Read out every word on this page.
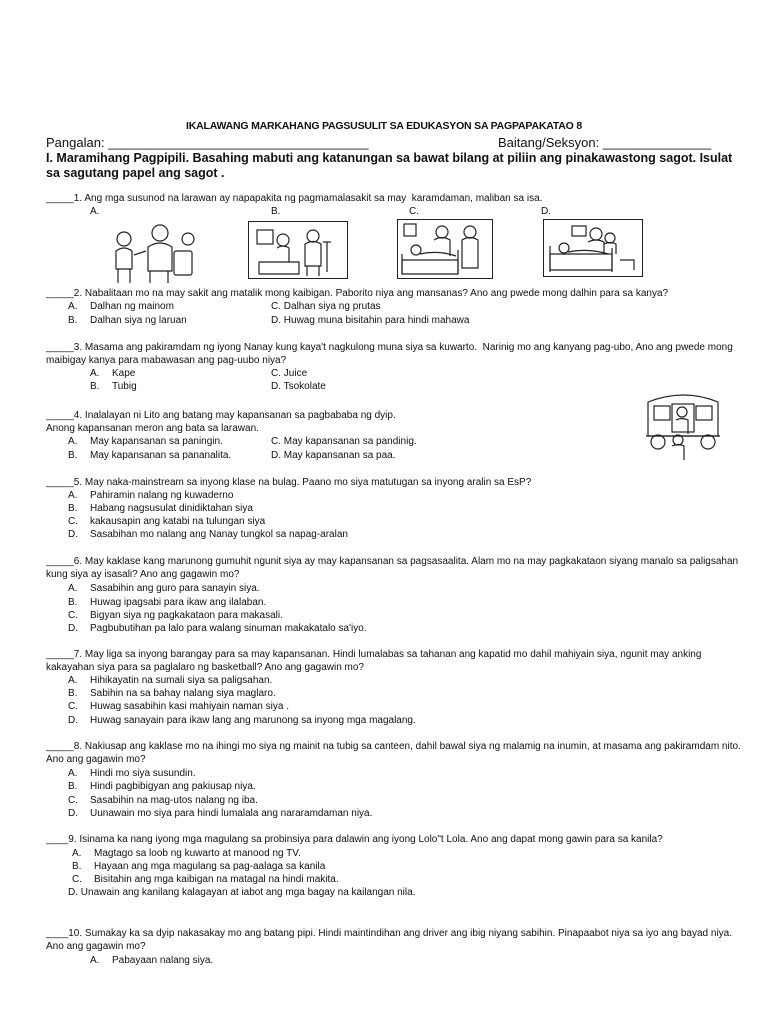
IKALAWANG MARKAHANG PAGSUSULIT SA EDUKASYON SA PAGPAPAKATAO 8
Pangalan: ____________________________________	Baitang/Seksyon: _______________
I. Maramihang Pagpipili. Basahing mabuti ang katanungan sa bawat bilang at piliin ang pinakawastong sagot. Isulat sa sagutang papel ang sagot .
_____1. Ang mga susunod na larawan ay napapakita ng pagmamalasakit sa may  karamdaman, maliban sa isa.
A.	B.	C.	D.
_____2. Nabalitaan mo na may sakit ang matalik mong kaibigan. Paborito niya ang mansanas? Ano ang pwede mong dalhin para sa kanya?
A. Dalhan ng mainom	C. Dalhan siya ng prutas
B. Dalhan siya ng laruan	D. Huwag muna bisitahin para hindi mahawa
_____3. Masama ang pakiramdam ng iyong Nanay kung kaya't nagkulong muna siya sa kuwarto.  Narinig mo ang kanyang pag-ubo, Ano ang pwede mong maibigay kanya para mabawasan ang pag-uubo niya?
A. Kape	C. Juice
B. Tubig	D. Tsokolate
_____4. Inalalayan ni Lito ang batang may kapansanan sa pagbababa ng dyip.
Anong kapansanan meron ang bata sa larawan.
A. May kapansanan sa paningin.	C. May kapansanan sa pandinig.
B. May kapansanan sa pananalita.	D. May kapansanan sa paa.
_____5. May naka-mainstream sa inyong klase na bulag. Paano mo siya matutugan sa inyong aralin sa EsP?
A. Pahiramin nalang ng kuwaderno
B. Habang nagsusulat dinidiktahan siya
C. kakausapin ang katabi na tulungan siya
D. Sasabihan mo nalang ang Nanay tungkol sa napag-aralan
_____6. May kaklase kang marunong gumuhit ngunit siya ay may kapansanan sa pagsasaalita. Alam mo na may pagkakataon siyang manalo sa paligsahan kung siya ay isasali? Ano ang gagawin mo?
A. Sasabihin ang guro para sanayin siya.
B. Huwag ipagsabi para ikaw ang ilalaban.
C. Bigyan siya ng pagkakataon para makasali.
D. Pagbubutihan pa lalo para walang sinuman makakatalo sa'iyo.
_____7. May liga sa inyong barangay para sa may kapansanan. Hindi lumalabas sa tahanan ang kapatid mo dahil mahiyain siya, ngunit may anking kakayahan siya para sa paglalaro ng basketball? Ano ang gagawin mo?
A. Hihikayatin na sumali siya sa paligsahan.
B. Sabihin na sa bahay nalang siya maglaro.
C. Huwag sasabihin kasi mahiyain naman siya .
D. Huwag sanayain para ikaw lang ang marunong sa inyong mga magalang.
_____8. Nakiusap ang kaklase mo na ihingi mo siya ng mainit na tubig sa canteen, dahil bawal siya ng malamig na inumin, at masama ang pakiramdam nito.  Ano ang gagawin mo?
A. Hindi mo siya susundin.
B. Hindi pagbibigyan ang pakiusap niya.
C. Sasabihin na mag-utos nalang ng iba.
D. Uunawain mo siya para hindi lumalala ang nararamdaman niya.
____9. Isinama ka nang iyong mga magulang sa probinsiya para dalawin ang iyong Lolo"t Lola. Ano ang dapat mong gawin para sa kanila?
A. Magtago sa loob ng kuwarto at manood ng TV.
B. Hayaan ang mga magulang sa pag-aalaga sa kanila
C. Bisitahin ang mga kaibigan na matagal na hindi makita.
D. Unawain ang kanilang kalagayan at iabot ang mga bagay na kailangan nila.
____10. Sumakay ka sa dyip nakasakay mo ang batang pipi. Hindi maintindihan ang driver ang ibig niyang sabihin. Pinapaabot niya sa iyo ang bayad niya. Ano ang gagawin mo?
A. Pabayaan nalang siya.
